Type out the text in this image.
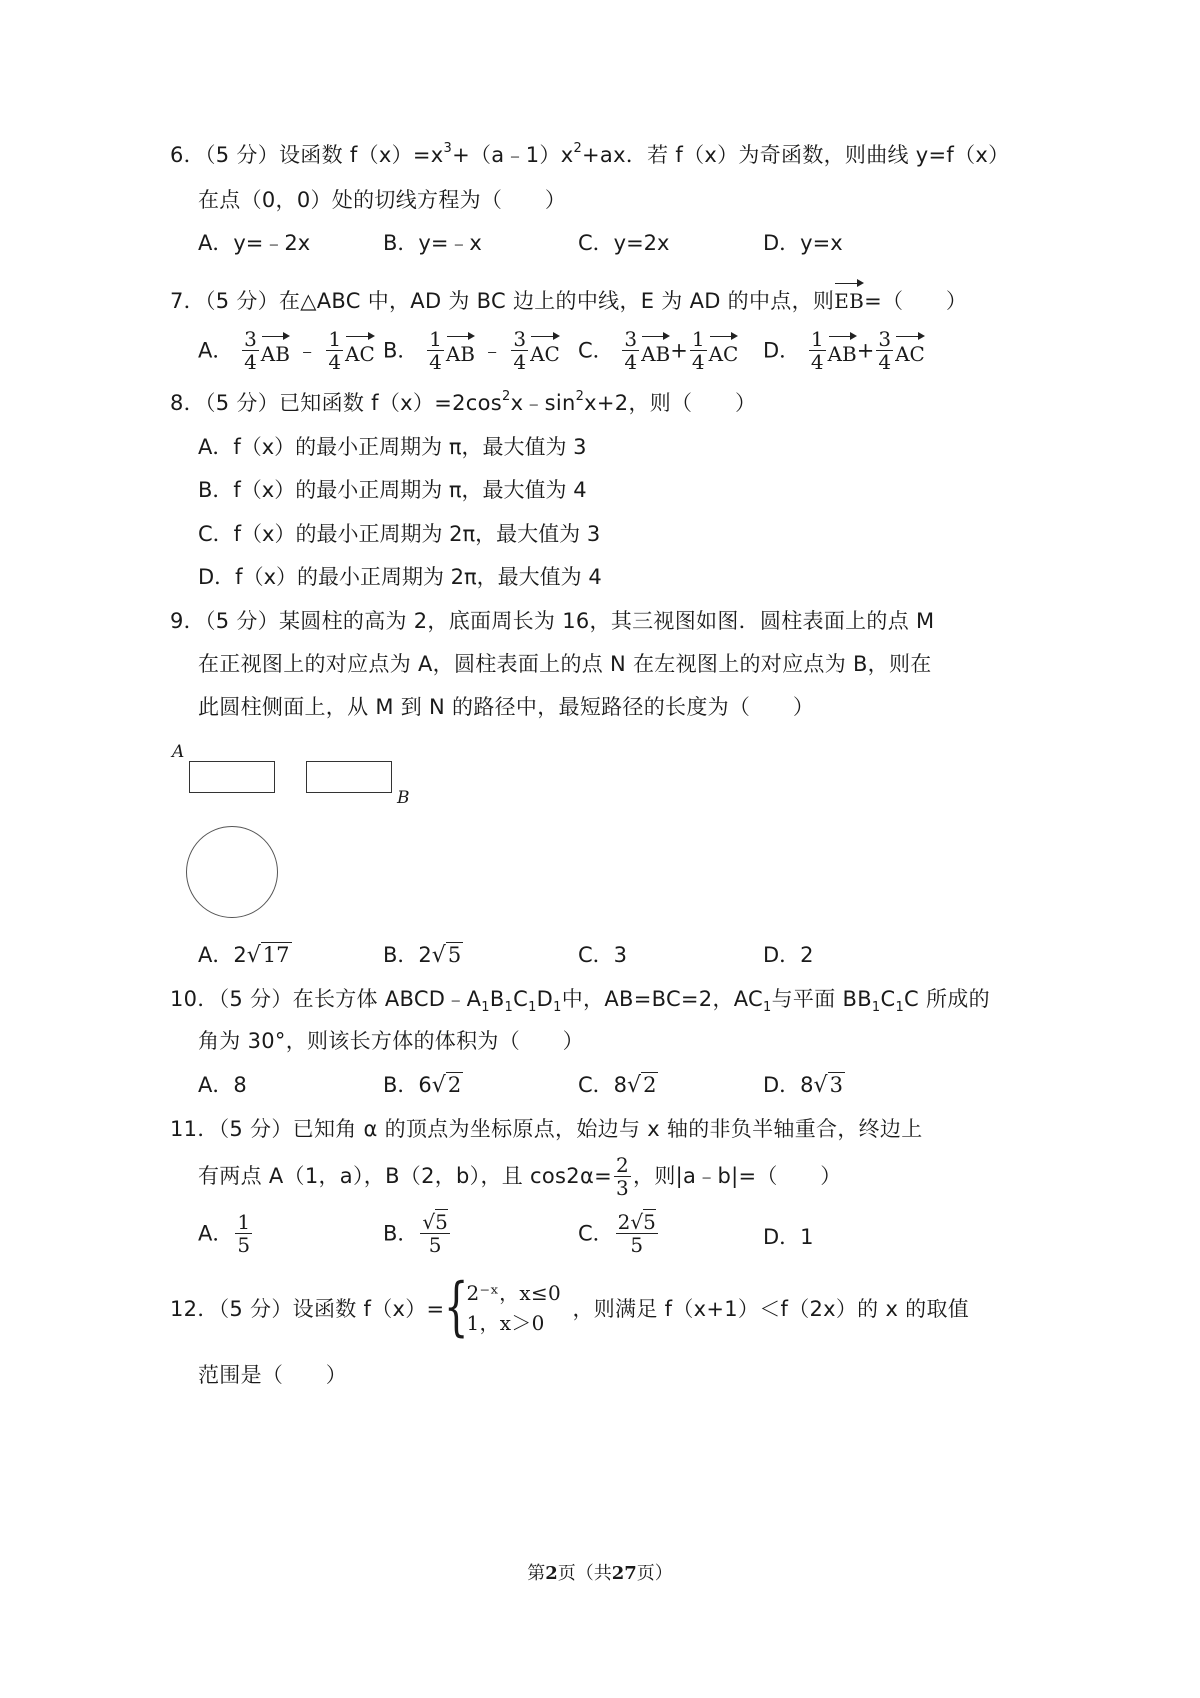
6．（5 分）设函数 $f(x)=x^3+(a﹣1)x^2+ax$．若 f（x）为奇函数，则曲线 y=f（x）
在点（0，0）处的切线方程为（　　）
A．y=﹣2x	B．y=﹣x	C．y=2x	D．y=x
7．（5 分）在△ABC 中，AD 为 BC 边上的中线，E 为 AD 的中点，则EB=（　　）
A． $\frac{3}{4}$ AB ﹣ $\frac{1}{4}$ AC B． $\frac{1}{4}$ AB ﹣ $\frac{3}{4}$ AC C． $\frac{3}{4} AB+ \frac{1}{4}$ AC D． $\frac{1}{4} AB+ \frac{3}{4}$ AC
8．（5 分）已知函数 $f(x)=2\cos^2x﹣\sin^2x+2$，则（　　）
A．f（x）的最小正周期为 π，最大值为 3
B．f（x）的最小正周期为 π，最大值为 4
C．f（x）的最小正周期为 2π，最大值为 3
D．f（x）的最小正周期为 2π，最大值为 4
9．（5 分）某圆柱的高为 2，底面周长为 16，其三视图如图．圆柱表面上的点 M
在正视图上的对应点为 A，圆柱表面上的点 N 在左视图上的对应点为 B，则在
此圆柱侧面上，从 M 到 N 的路径中，最短路径的长度为（　　）
A
B
A．2√17	B．2√5	C．3	D．2
10．（5 分）在长方体 $ABCD﹣A_1B_1C_1D_1$中，AB=BC=2，$AC_1$与平面 $BB_1C_1C$ 所成的
角为 30°，则该长方体的体积为（　　）
A．8	B．6√2	C．8√2	D．8√3
11．（5 分）已知角 α 的顶点为坐标原点，始边与 x 轴的非负半轴重合，终边上
有两点 A（1，a），B（2，b），且 $\cos 2\alpha= \frac{2}{3}$ ，则|a﹣b|=（　　）
A． $\frac{1}{5}$	B． $\frac{√5}{5}$	C． $\frac{2√5}{5}$	D．1
12．（5 分）设函数 f（x）= {
2⁻ˣ，x≤0
1，x＞0
，则满足 f（x+1）＜f（2x）的 x 的取值
范围是（　　）
第2页（共27页）
